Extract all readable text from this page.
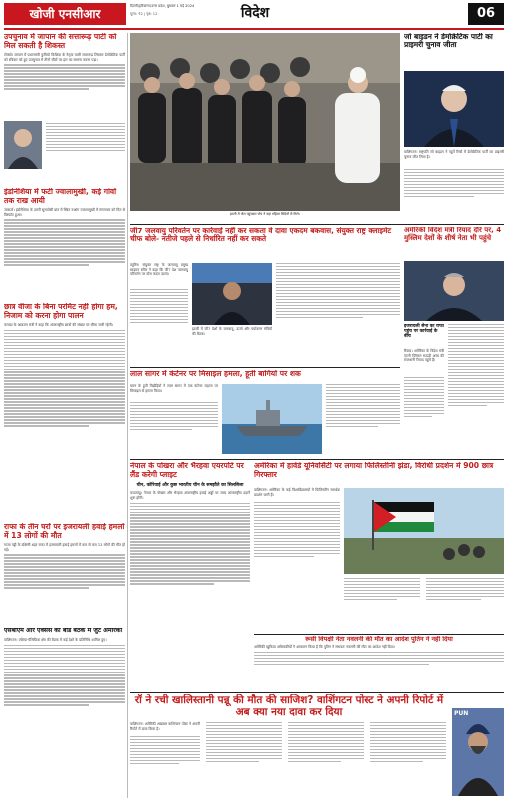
खोजी एनसीआर
दिल्ली/हरियाणा/उत्तर प्रदेश, बुधवार 1 मई 2024
मूल्य: ₹2 | पृष्ठ: 12	विदेश	06
उपचुनाव में जापान की सत्तारूढ़ पार्टी को मिल सकती है शिकस्त
टोक्यो। जापान में प्रधानमंत्री फुमियो किशिदा के नेतृत्व वाली सत्तारूढ़ लिबरल डेमोक्रेटिक पार्टी को रविवार को हुए उपचुनाव में तीनों सीटों पर हार का सामना करना पड़ा।
इंडोनेशिया में फटी ज्वालामुखी, कई गांवों तक राख आयी
जकार्ता। इंडोनेशिया के उत्तरी सुलावेसी प्रांत में स्थित रुआंग ज्वालामुखी में मंगलवार को फिर से विस्फोट हुआ।
छात्र वीजा के बिना परमिट नहीं होगा हम, निजाम को करना होगा पालन
कनाडा के आव्रजन मंत्री ने कहा कि अंतरराष्ट्रीय छात्रों की संख्या पर सीमा जारी रहेगी।
राफा के तीन घरों पर इजरायली हवाई हमलों में 13 लोगों की मौत
गाजा पट्टी के दक्षिणी शहर राफा में इजरायली हवाई हमलों में कम से कम 13 लोगों की मौत हो गई।
एसबीएम और एक्सेस की बोर्ड बैठक में जुटे अमेरिकी
वाशिंगटन। एशिया-पैसिफिक क्षेत्र की बैठक में कई देशों के प्रतिनिधि शामिल हुए।
इटली में जेल पहुंचकर पोप ने वहां महिला कैदियों से मिले।
जो बाइडन ने डेमोक्रेटिक पार्टी का प्राइमरी चुनाव जीता
वाशिंगटन। राष्ट्रपति जो बाइडन ने प्यूर्टो रिको में डेमोक्रेटिक पार्टी का प्राइमरी चुनाव जीत लिया है।
जी7 जलवायु परिवर्तन पर कार्रवाई नहीं कर सकता वे दावा एकदम बकवास, संयुक्त राष्ट्र क्लाइमेट चीफ बोले- नतीजे पहले से निर्धारित नहीं कर सकते
ट्यूरिन। संयुक्त राष्ट्र के जलवायु प्रमुख साइमन स्टील ने कहा कि जी7 देश जलवायु परिवर्तन पर ठोस कदम उठाएं।
इटली में जी7 देशों के जलवायु, ऊर्जा और पर्यावरण मंत्रियों की बैठक।
अमेरिकी विदेश मंत्री रियाद दौरे पर, 4 मुस्लिम देशों के शीर्ष नेता भी पहुंचे
इजरायली सेना का राफा पहुंच पर कार्रवाई के बीच
रियाद। अमेरिका के विदेश मंत्री एंटनी ब्लिंकन सऊदी अरब की राजधानी रियाद पहुंचे हैं।
लाल सागर में कंटेनर पर मिसाइल हमला, हूती बागियों पर शक
यमन के हूती विद्रोहियों ने लाल सागर में एक कंटेनर जहाज पर मिसाइल से हमला किया।
नेपाल के पोखरा और भैरहवा एयरपोर्ट पर लैंड करेगी प्लाइट
चीन, कोरियाई और कुछ भारतीय चीन के समझौते का सिलसिला
काठमांडू। नेपाल के पोखरा और भैरहवा अंतरराष्ट्रीय हवाई अड्डों पर जल्द अंतरराष्ट्रीय उड़ानें शुरू होंगी।
अमेरिका में हार्वर्ड यूनिवर्सिटी पर लगाया फिलिस्तीनी झंडा, विरोधी प्रदर्शन में 900 छात्र गिरफ्तार
वाशिंगटन। अमेरिका के कई विश्वविद्यालयों में फिलिस्तीन समर्थक प्रदर्शन जारी हैं।
रूसी विपक्षी नेता नवलनी की मौत का आदेश पुतिन ने नहीं दिया
अमेरिकी खुफिया अधिकारियों ने आकलन किया है कि पुतिन ने संभवतः नवलनी की मौत का आदेश नहीं दिया।
रॉ ने रची खालिस्तानी पन्नू की मौत की साजिश? वाशिंगटन पोस्ट ने अपनी रिपोर्ट में अब क्या नया दावा कर दिया
वाशिंगटन। अमेरिकी अखबार वाशिंगटन पोस्ट ने अपनी रिपोर्ट में दावा किया है।
PUN
